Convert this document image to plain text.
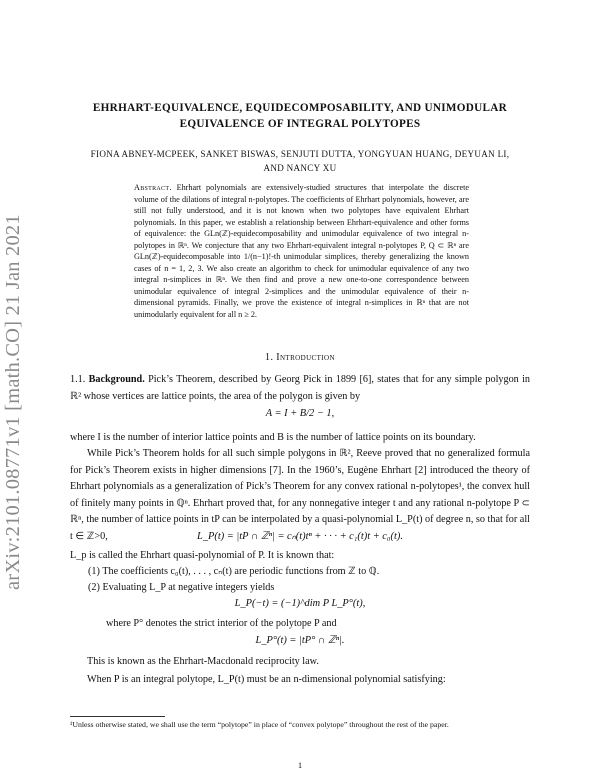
arXiv:2101.08771v1 [math.CO] 21 Jan 2021
EHRHART-EQUIVALENCE, EQUIDECOMPOSABILITY, AND UNIMODULAR
EQUIVALENCE OF INTEGRAL POLYTOPES
FIONA ABNEY-MCPEEK, SANKET BISWAS, SENJUTI DUTTA, YONGYUAN HUANG, DEYUAN LI,
AND NANCY XU
Abstract. Ehrhart polynomials are extensively-studied structures that interpolate the discrete volume of the dilations of integral n-polytopes. The coefficients of Ehrhart polynomials, however, are still not fully understood, and it is not known when two polytopes have equivalent Ehrhart polynomials. In this paper, we establish a relationship between Ehrhart-equivalence and other forms of equivalence: the GLn(ℤ)-equidecomposability and unimodular equivalence of two integral n-polytopes in ℝⁿ. We conjecture that any two Ehrhart-equivalent integral n-polytopes P, Q ⊂ ℝⁿ are GLn(ℤ)-equidecomposable into 1/(n−1)!-th unimodular simplices, thereby generalizing the known cases of n = 1, 2, 3. We also create an algorithm to check for unimodular equivalence of any two integral n-simplices in ℝⁿ. We then find and prove a new one-to-one correspondence between unimodular equivalence of integral 2-simplices and the unimodular equivalence of their n-dimensional pyramids. Finally, we prove the existence of integral n-simplices in ℝⁿ that are not unimodularly equivalent for all n ≥ 2.
1. Introduction
1.1. Background. Pick’s Theorem, described by Georg Pick in 1899 [6], states that for any simple polygon in ℝ² whose vertices are lattice points, the area of the polygon is given by
A = I + B/2 − 1,
where I is the number of interior lattice points and B is the number of lattice points on its boundary.
While Pick’s Theorem holds for all such simple polygons in ℝ², Reeve proved that no generalized formula for Pick’s Theorem exists in higher dimensions [7]. In the 1960’s, Eugène Ehrhart [2] introduced the theory of Ehrhart polynomials as a generalization of Pick’s Theorem for any convex rational n-polytopes¹, the convex hull of finitely many points in ℚⁿ. Ehrhart proved that, for any nonnegative integer t and any rational n-polytope P ⊂ ℝⁿ, the number of lattice points in tP can be interpolated by a quasi-polynomial L_P(t) of degree n, so that for all t ∈ ℤ>0,	L_P(t) = |tP ∩ ℤⁿ| = cₙ(t)tⁿ + · · · + c₁(t)t + c₀(t).
L_p is called the Ehrhart quasi-polynomial of P. It is known that:
(1) The coefficients c₀(t), . . . , cₙ(t) are periodic functions from ℤ to ℚ.
(2) Evaluating L_P at negative integers yields
L_P(−t) = (−1)^dim P L_P°(t),
where P° denotes the strict interior of the polytope P and
L_P°(t) = |tP° ∩ ℤⁿ|.
This is known as the Ehrhart-Macdonald reciprocity law.
When P is an integral polytope, L_P(t) must be an n-dimensional polynomial satisfying:
¹Unless otherwise stated, we shall use the term “polytope” in place of “convex polytope” throughout the rest of the paper.
1
